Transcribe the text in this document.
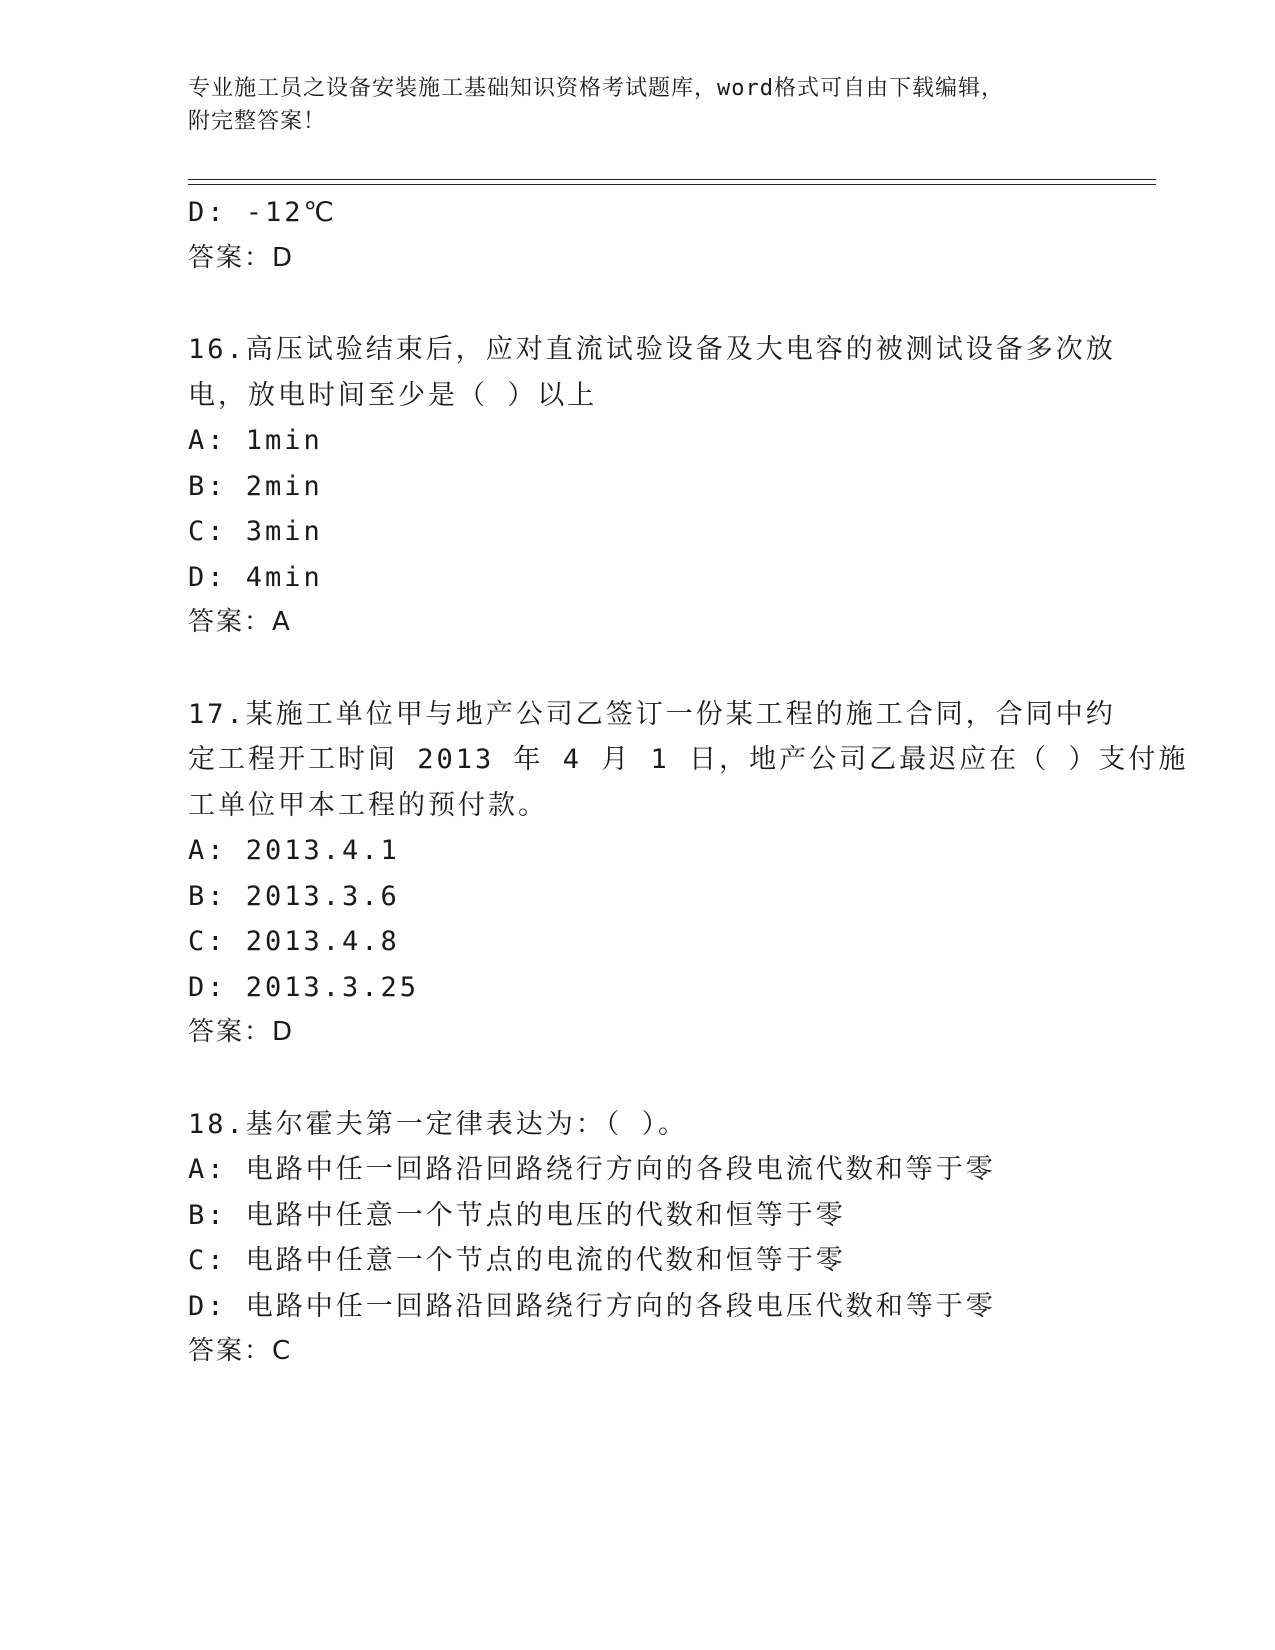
专业施工员之设备安装施工基础知识资格考试题库，word格式可自由下载编辑，
附完整答案！
D: -12℃
答案：D
16.高压试验结束后，应对直流试验设备及大电容的被测试设备多次放
电，放电时间至少是（ ）以上
A: 1min
B: 2min
C: 3min
D: 4min
答案：A
17.某施工单位甲与地产公司乙签订一份某工程的施工合同，合同中约
定工程开工时间 2013 年 4 月 1 日，地产公司乙最迟应在（ ）支付施
工单位甲本工程的预付款。
A: 2013.4.1
B: 2013.3.6
C: 2013.4.8
D: 2013.3.25
答案：D
18.基尔霍夫第一定律表达为：（ ）。
A: 电路中任一回路沿回路绕行方向的各段电流代数和等于零
B: 电路中任意一个节点的电压的代数和恒等于零
C: 电路中任意一个节点的电流的代数和恒等于零
D: 电路中任一回路沿回路绕行方向的各段电压代数和等于零
答案：C
